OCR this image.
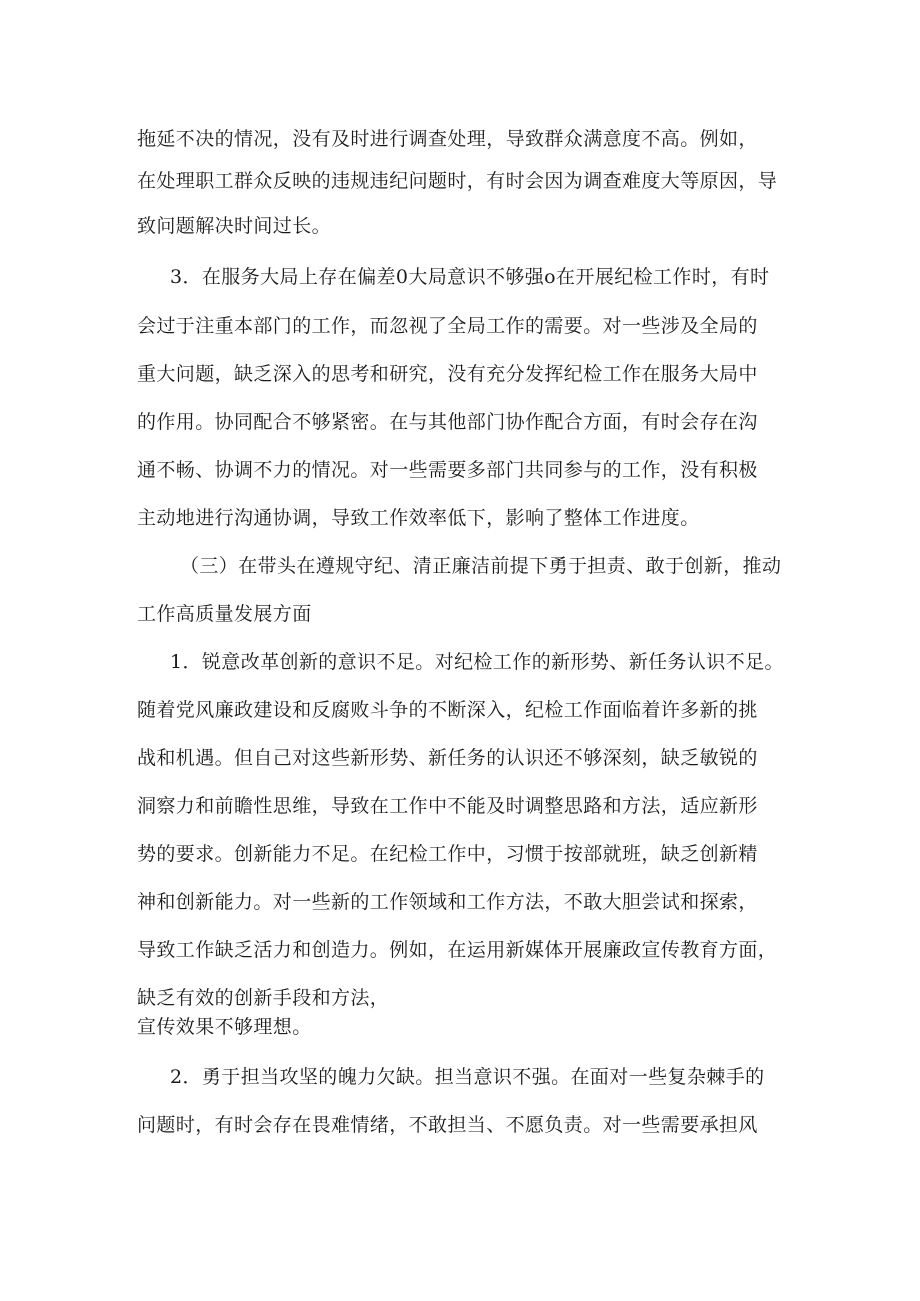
拖延不决的情况，没有及时进行调查处理，导致群众满意度不高。例如，
在处理职工群众反映的违规违纪问题时，有时会因为调查难度大等原因，导
致问题解决时间过长。
3．在服务大局上存在偏差0大局意识不够强o在开展纪检工作时，有时
会过于注重本部门的工作，而忽视了全局工作的需要。对一些涉及全局的
重大问题，缺乏深入的思考和研究，没有充分发挥纪检工作在服务大局中
的作用。协同配合不够紧密。在与其他部门协作配合方面，有时会存在沟
通不畅、协调不力的情况。对一些需要多部门共同参与的工作，没有积极
主动地进行沟通协调，导致工作效率低下，影响了整体工作进度。
（三）在带头在遵规守纪、清正廉洁前提下勇于担责、敢于创新，推动
工作高质量发展方面
1．锐意改革创新的意识不足。对纪检工作的新形势、新任务认识不足。
随着党风廉政建设和反腐败斗争的不断深入，纪检工作面临着许多新的挑
战和机遇。但自己对这些新形势、新任务的认识还不够深刻，缺乏敏锐的
洞察力和前瞻性思维，导致在工作中不能及时调整思路和方法，适应新形
势的要求。创新能力不足。在纪检工作中，习惯于按部就班，缺乏创新精
神和创新能力。对一些新的工作领域和工作方法，不敢大胆尝试和探索，
导致工作缺乏活力和创造力。例如，在运用新媒体开展廉政宣传教育方面，
缺乏有效的创新手段和方法，
宣传效果不够理想。
2．勇于担当攻坚的魄力欠缺。担当意识不强。在面对一些复杂棘手的
问题时，有时会存在畏难情绪，不敢担当、不愿负责。对一些需要承担风
